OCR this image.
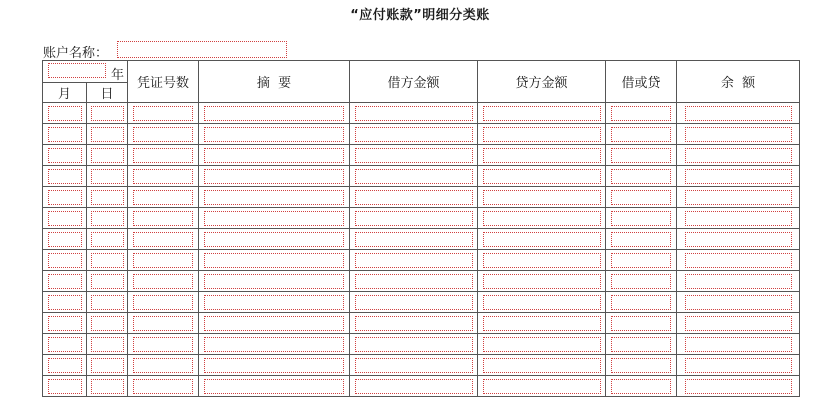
“应付账款”明细分类账
账户名称：
年		凭证号数	摘  要	借方金额	贷方金额	借或贷	余  额
月	日						
